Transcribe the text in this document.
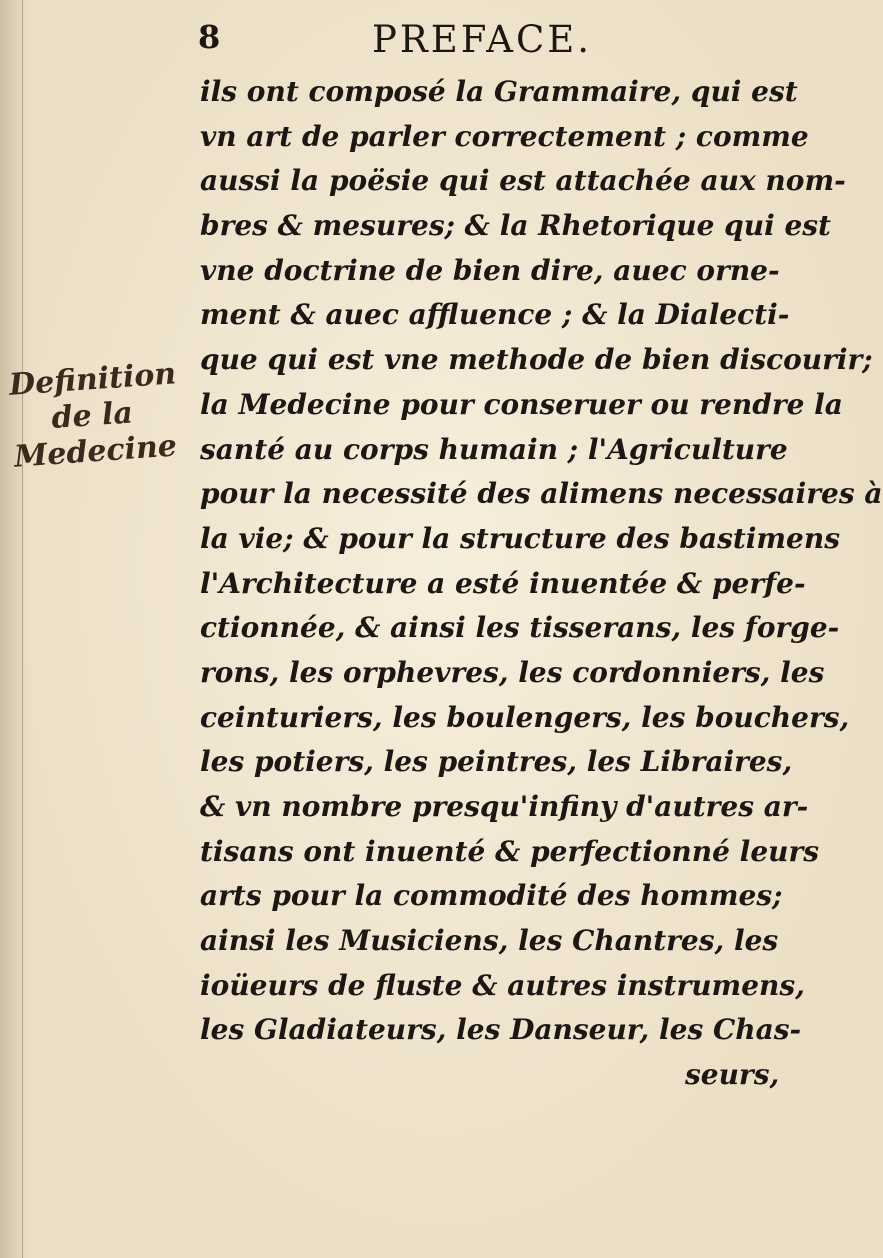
8	PREFACE.
Definition
de la
Medecine
ils ont composé la Grammaire, qui est
vn art de parler correctement ; comme
aussi la poësie qui est attachée aux nom-
bres & mesures; & la Rhetorique qui est
vne doctrine de bien dire, auec orne-
ment & auec affluence ; & la Dialecti-
que qui est vne methode de bien discourir;
la Medecine pour conseruer ou rendre la
santé au corps humain ; l'Agriculture
pour la necessité des alimens necessaires à
la vie; & pour la structure des bastimens
l'Architecture a esté inuentée & perfe-
ctionnée, & ainsi les tisserans, les forge-
rons, les orphevres, les cordonniers, les
ceinturiers, les boulengers, les bouchers,
les potiers, les peintres, les Libraires,
& vn nombre presqu'infiny d'autres ar-
tisans ont inuenté & perfectionné leurs
arts pour la commodité des hommes;
ainsi les Musiciens, les Chantres, les
ioüeurs de fluste & autres instrumens,
les Gladiateurs, les Danseur, les Chas-
seurs,
